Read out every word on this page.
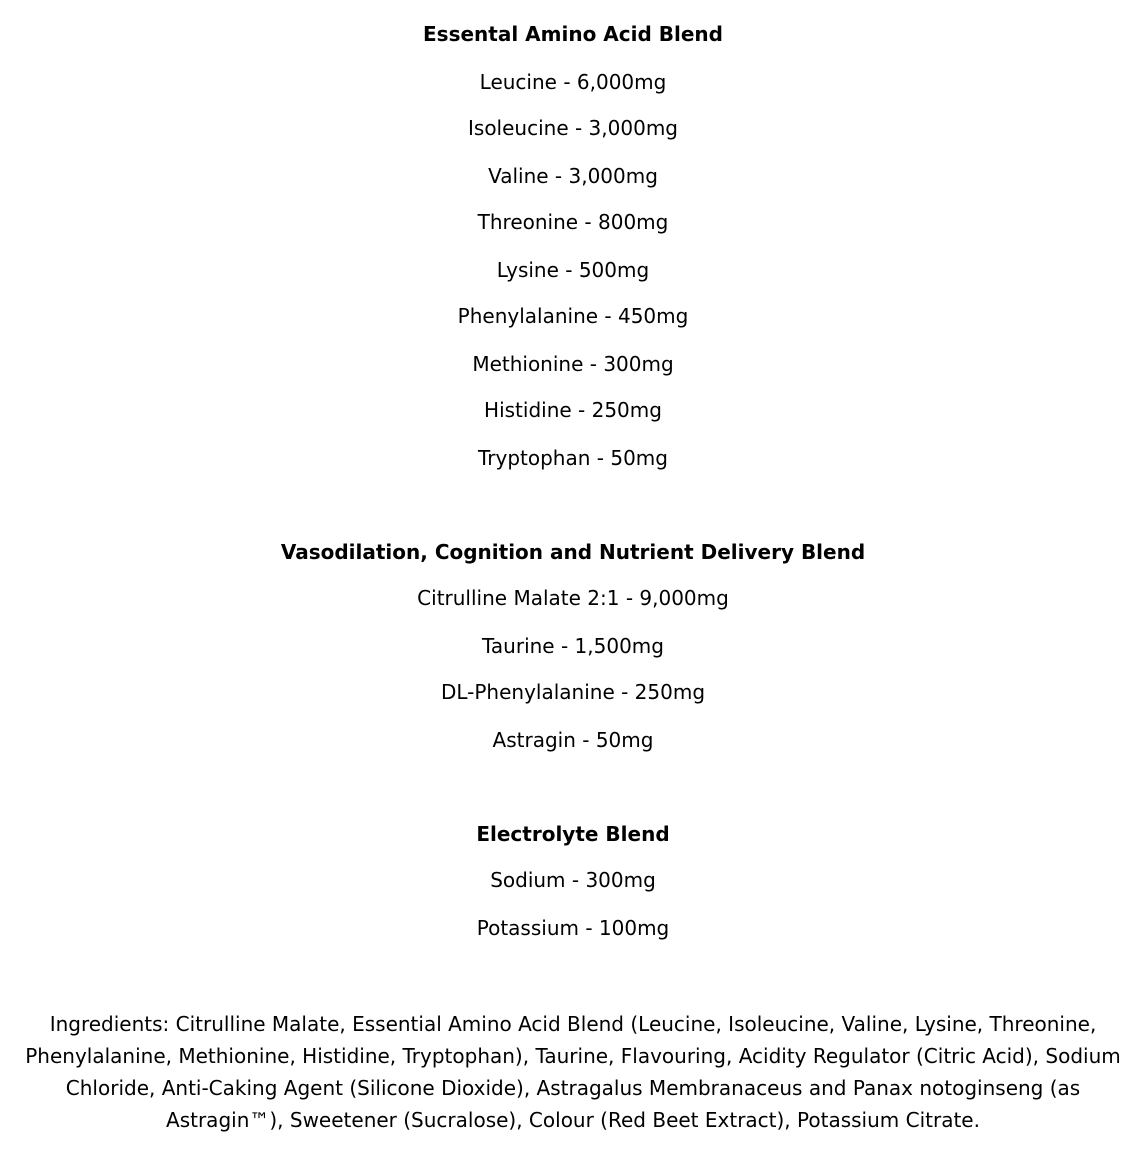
Essental Amino Acid Blend
Leucine - 6,000mg
Isoleucine - 3,000mg
Valine - 3,000mg
Threonine - 800mg
Lysine - 500mg
Phenylalanine - 450mg
Methionine - 300mg
Histidine - 250mg
Tryptophan - 50mg
Vasodilation, Cognition and Nutrient Delivery Blend
Citrulline Malate 2:1 - 9,000mg
Taurine - 1,500mg
DL-Phenylalanine - 250mg
Astragin - 50mg
Electrolyte Blend
Sodium - 300mg
Potassium - 100mg
Ingredients: Citrulline Malate, Essential Amino Acid Blend (Leucine, Isoleucine, Valine, Lysine, Threonine, Phenylalanine, Methionine, Histidine, Tryptophan), Taurine, Flavouring, Acidity Regulator (Citric Acid), Sodium Chloride, Anti-Caking Agent (Silicone Dioxide), Astragalus Membranaceus and Panax notoginseng (as Astragin™), Sweetener (Sucralose), Colour (Red Beet Extract), Potassium Citrate.
